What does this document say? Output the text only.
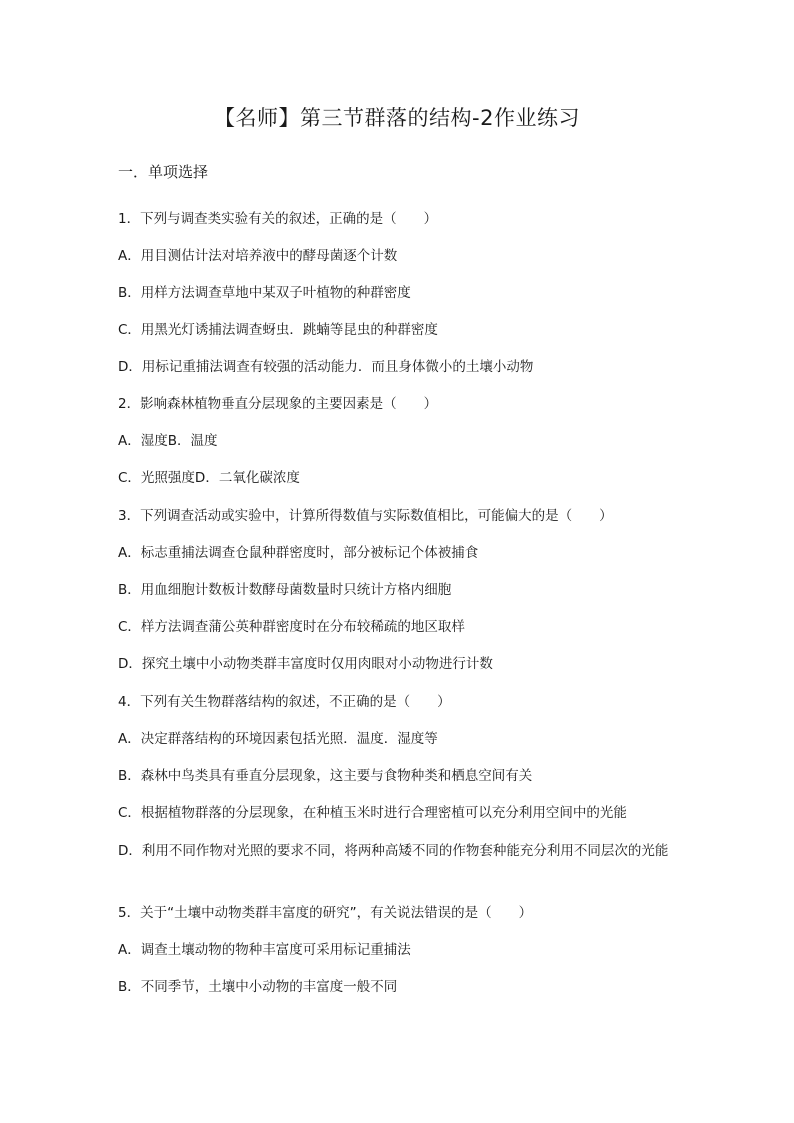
【名师】第三节群落的结构-2作业练习
一．单项选择
1．下列与调查类实验有关的叙述，正确的是（　　）
A．用目测估计法对培养液中的酵母菌逐个计数
B．用样方法调查草地中某双子叶植物的种群密度
C．用黑光灯诱捕法调查蚜虫．跳蝻等昆虫的种群密度
D．用标记重捕法调查有较强的活动能力．而且身体微小的土壤小动物
2．影响森林植物垂直分层现象的主要因素是（　　）
A．湿度B．温度
C．光照强度D．二氧化碳浓度
3．下列调查活动或实验中，计算所得数值与实际数值相比，可能偏大的是（　　）
A．标志重捕法调查仓鼠种群密度时，部分被标记个体被捕食
B．用血细胞计数板计数酵母菌数量时只统计方格内细胞
C．样方法调查蒲公英种群密度时在分布较稀疏的地区取样
D．探究土壤中小动物类群丰富度时仅用肉眼对小动物进行计数
4．下列有关生物群落结构的叙述，不正确的是（　　）
A．决定群落结构的环境因素包括光照．温度．湿度等
B．森林中鸟类具有垂直分层现象，这主要与食物种类和栖息空间有关
C．根据植物群落的分层现象，在种植玉米时进行合理密植可以充分利用空间中的光能
D．利用不同作物对光照的要求不同，将两种高矮不同的作物套种能充分利用不同层次的光能
5．关于“土壤中动物类群丰富度的研究”，有关说法错误的是（　　）
A．调查土壤动物的物种丰富度可采用标记重捕法
B．不同季节，土壤中小动物的丰富度一般不同
